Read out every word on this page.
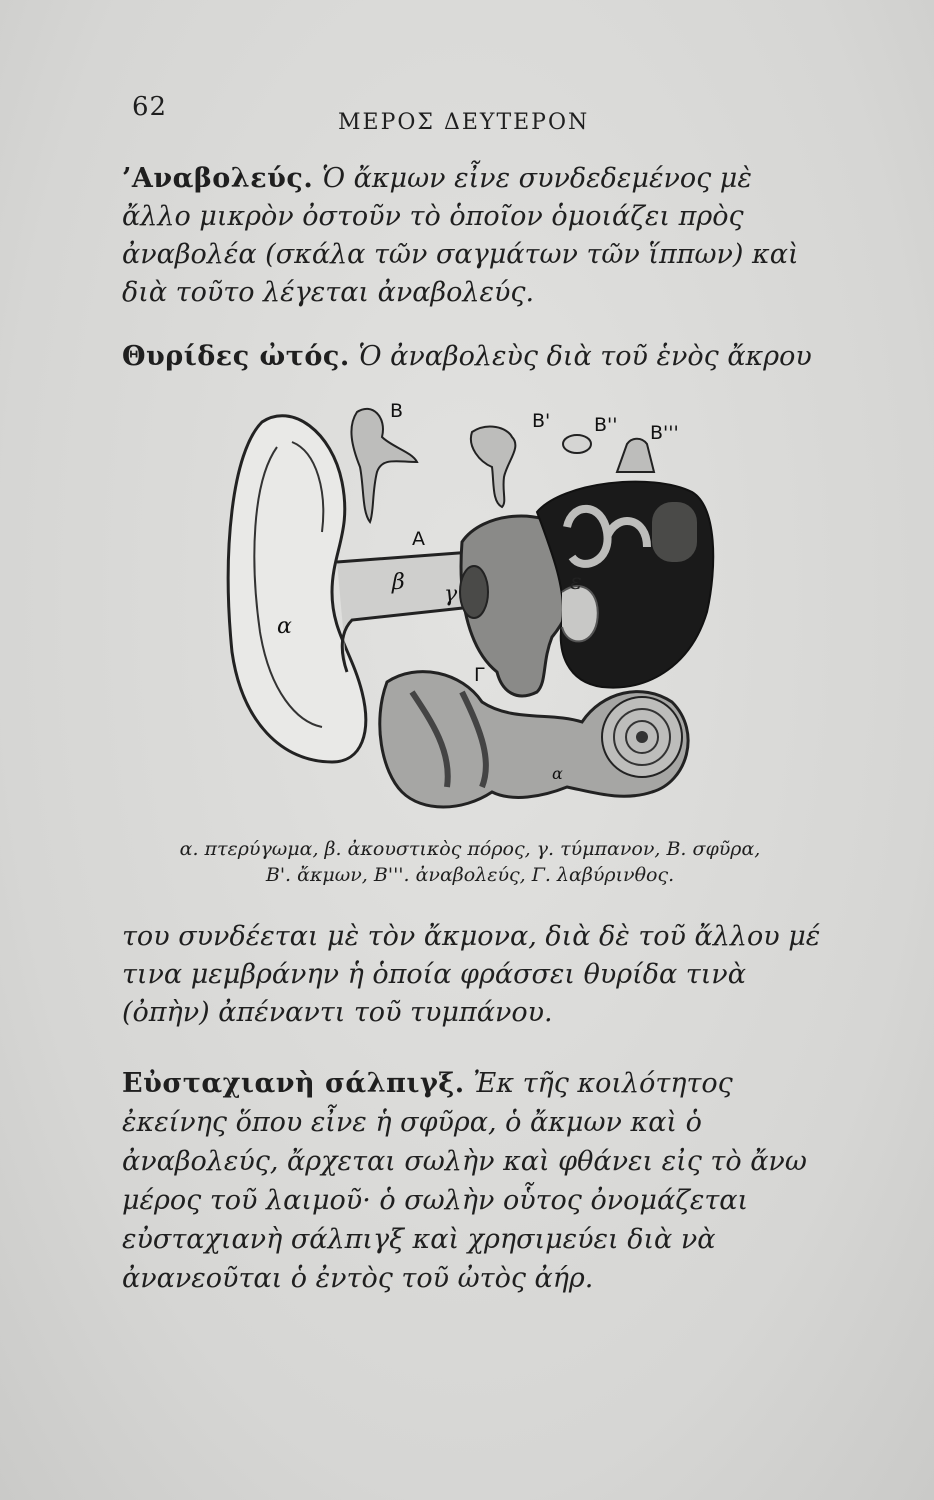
62
ΜΕΡΟΣ ΔΕΥΤΕΡΟΝ

’Αναβολεύς. Ὁ ἄκμων εἶνε συνδεδεμένος μὲ ἄλλο μικρὸν ὀστοῦν τὸ ὁποῖον ὁμοιάζει πρὸς ἀναβολέα (σκάλα τῶν σαγμάτων τῶν ἵππων) καὶ διὰ τοῦτο λέγεται ἀναβολεύς.

Θυρίδες ὠτός. Ὁ ἀναβολεὺς διὰ τοῦ ἑνὸς ἄκρου

B	B' B'' B'''
A
β γ
α
ε
Γ
α

α. πτερύγωμα, β. ἀκουστικὸς πόρος, γ. τύμπανον, Β. σφῦρα,
Β'. ἄκμων, Β'''. ἀναβολεύς, Γ. λαβύρινθος.

του συνδέεται μὲ τὸν ἄκμονα, διὰ δὲ τοῦ ἄλλου μέ τινα μεμβράνην ἡ ὁποία φράσσει θυρίδα τινὰ (ὀπὴν) ἀπέναντι τοῦ τυμπάνου.

Εὐσταχιανὴ σάλπιγξ. Ἐκ τῆς κοιλότητος ἐκείνης ὅπου εἶνε ἡ σφῦρα, ὁ ἄκμων καὶ ὁ ἀναβολεύς, ἄρχεται σωλὴν καὶ φθάνει εἰς τὸ ἄνω μέρος τοῦ λαιμοῦ· ὁ σωλὴν οὗτος ὀνομάζεται εὐσταχιανὴ σάλπιγξ καὶ χρησιμεύει διὰ νὰ ἀνανεοῦται ὁ ἐντὸς τοῦ ὠτὸς ἀήρ.
